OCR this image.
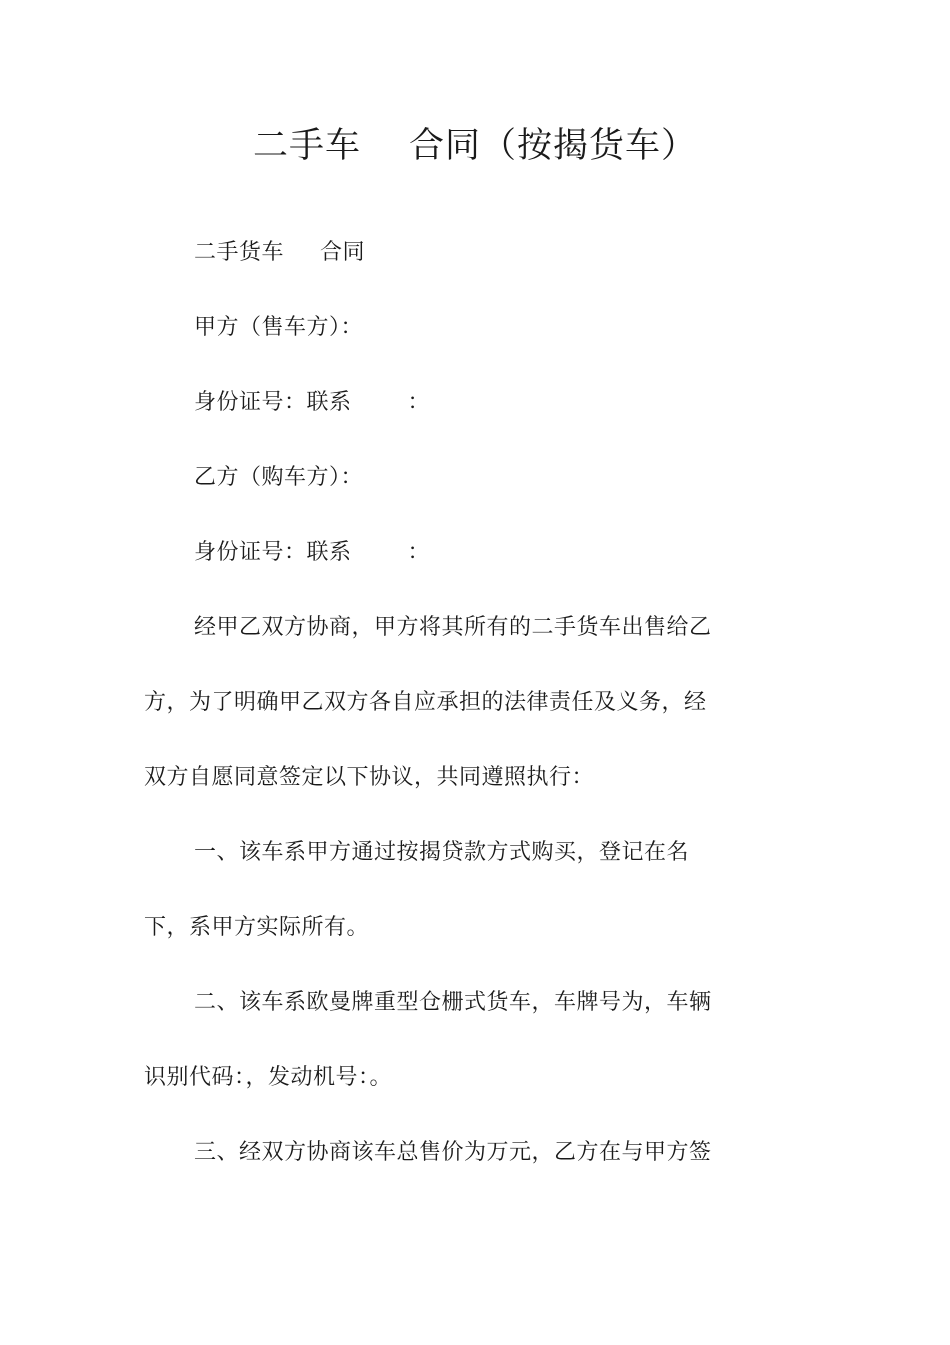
二手车 合同（按揭货车）
二手货车 合同
甲方（售车方）：
身份证号：联系	：
乙方（购车方）：
身份证号：联系	：
经甲乙双方协商，甲方将其所有的二手货车出售给乙
方，为了明确甲乙双方各自应承担的法律责任及义务，经
双方自愿同意签定以下协议，共同遵照执行：
一、该车系甲方通过按揭贷款方式购买，登记在名
下，系甲方实际所有。
二、该车系欧曼牌重型仓栅式货车，车牌号为，车辆
识别代码：，发动机号：。
三、经双方协商该车总售价为万元，乙方在与甲方签
